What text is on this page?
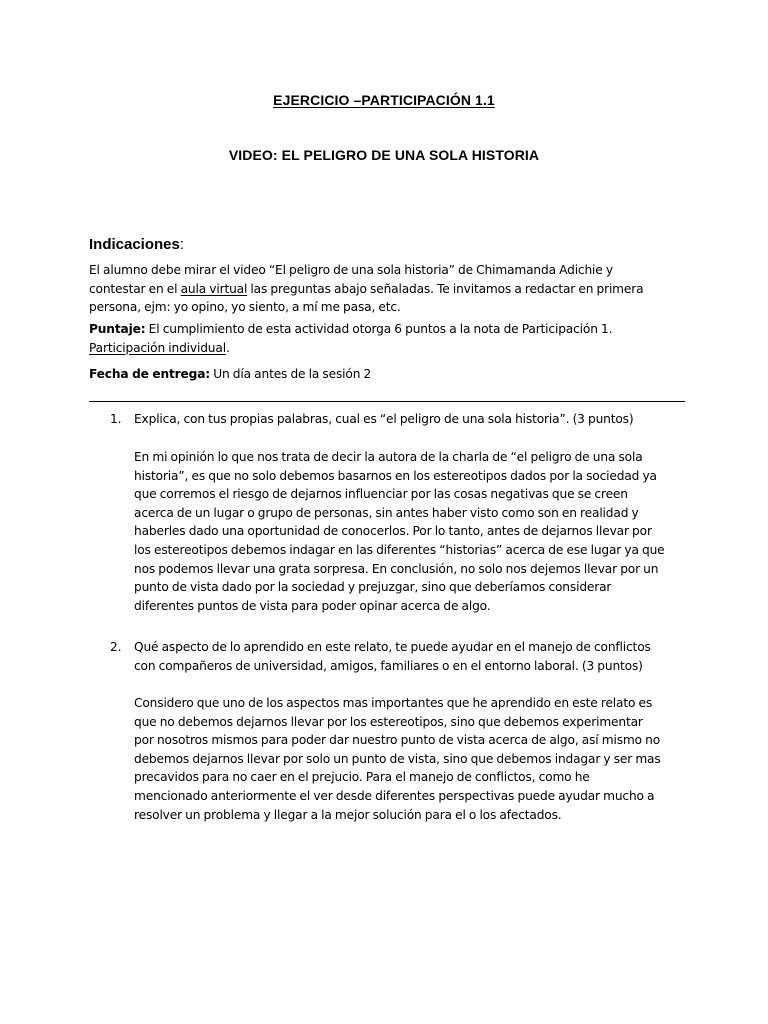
EJERCICIO –PARTICIPACIÓN 1.1
VIDEO: EL PELIGRO DE UNA SOLA HISTORIA
Indicaciones:
El alumno debe mirar el video “El peligro de una sola historia” de Chimamanda Adichie y
contestar en el aula virtual las preguntas abajo señaladas. Te invitamos a redactar en primera
persona, ejm: yo opino, yo siento, a mí me pasa, etc.
Puntaje: El cumplimiento de esta actividad otorga 6 puntos a la nota de Participación 1.
Participación individual.
Fecha de entrega: Un día antes de la sesión 2
1. Explica, con tus propias palabras, cual es “el peligro de una sola historia”. (3 puntos)
En mi opinión lo que nos trata de decir la autora de la charla de “el peligro de una sola
historia”, es que no solo debemos basarnos en los estereotipos dados por la sociedad ya
que corremos el riesgo de dejarnos influenciar por las cosas negativas que se creen
acerca de un lugar o grupo de personas, sin antes haber visto como son en realidad y
haberles dado una oportunidad de conocerlos. Por lo tanto, antes de dejarnos llevar por
los estereotipos debemos indagar en las diferentes “historias” acerca de ese lugar ya que
nos podemos llevar una grata sorpresa. En conclusión, no solo nos dejemos llevar por un
punto de vista dado por la sociedad y prejuzgar, sino que deberíamos considerar
diferentes puntos de vista para poder opinar acerca de algo.
2. Qué aspecto de lo aprendido en este relato, te puede ayudar en el manejo de conflictos
con compañeros de universidad, amigos, familiares o en el entorno laboral. (3 puntos)
Considero que uno de los aspectos mas importantes que he aprendido en este relato es
que no debemos dejarnos llevar por los estereotipos, sino que debemos experimentar
por nosotros mismos para poder dar nuestro punto de vista acerca de algo, así mismo no
debemos dejarnos llevar por solo un punto de vista, sino que debemos indagar y ser mas
precavidos para no caer en el prejucio. Para el manejo de conflictos, como he
mencionado anteriormente el ver desde diferentes perspectivas puede ayudar mucho a
resolver un problema y llegar a la mejor solución para el o los afectados.
